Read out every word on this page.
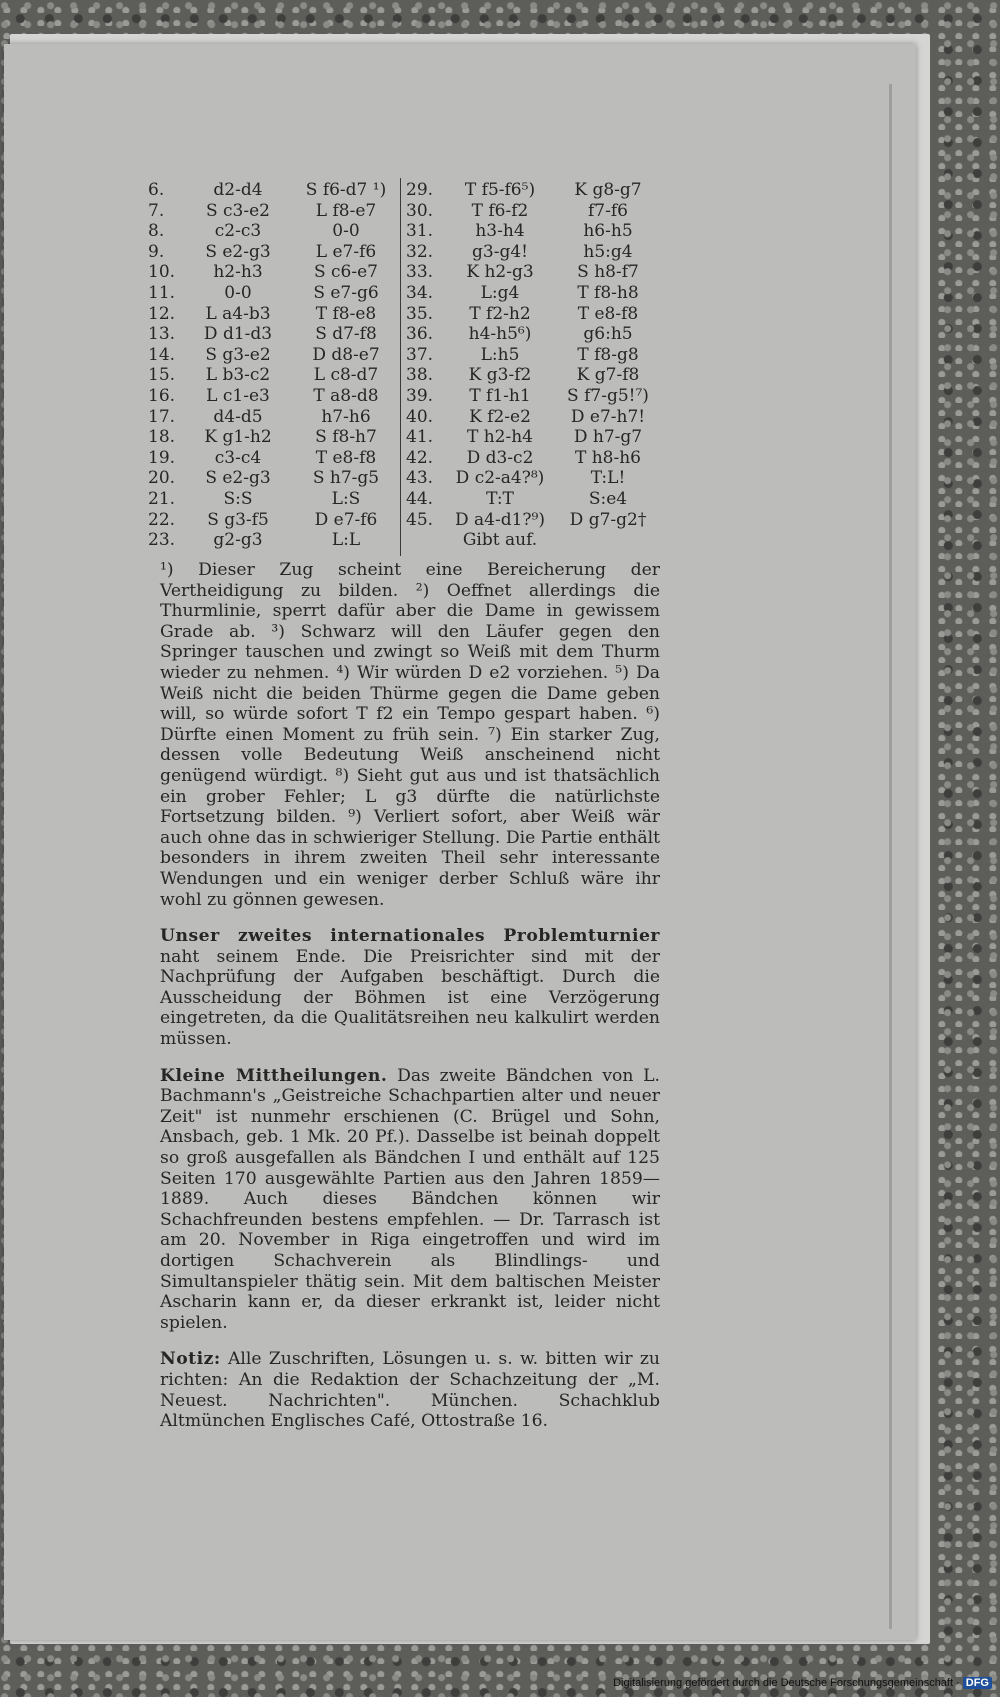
6.	d2-d4	S f6-d7 ¹)
7.	S c3-e2	L f8-e7
8.	c2-c3	0-0
9.	S e2-g3	L e7-f6
10.	h2-h3	S c6-e7
11.	0-0	S e7-g6
12.	L a4-b3	T f8-e8
13.	D d1-d3	S d7-f8
14.	S g3-e2	D d8-e7
15.	L b3-c2	L c8-d7
16.	L c1-e3	T a8-d8
17.	d4-d5	h7-h6
18.	K g1-h2	S f8-h7
19.	c3-c4	T e8-f8
20.	S e2-g3	S h7-g5
21.	S:S	L:S
22.	S g3-f5	D e7-f6
23.	g2-g3	L:L
29.	T f5-f6⁵)	K g8-g7
30.	T f6-f2	f7-f6
31.	h3-h4	h6-h5
32.	g3-g4!	h5:g4
33.	K h2-g3	S h8-f7
34.	L:g4	T f8-h8
35.	T f2-h2	T e8-f8
36.	h4-h5⁶)	g6:h5
37.	L:h5	T f8-g8
38.	K g3-f2	K g7-f8
39.	T f1-h1	S f7-g5!⁷)
40.	K f2-e2	D e7-h7!
41.	T h2-h4	D h7-g7
42.	D d3-c2	T h8-h6
43.	D c2-a4?⁸)	T:L!
44.	T:T	S:e4
45.	D a4-d1?⁹)	D g7-g2†
Gibt auf.

¹) Dieser Zug scheint eine Bereicherung der Vertheidigung zu bilden. ²) Oeffnet allerdings die Thurmlinie, sperrt dafür aber die Dame in gewissem Grade ab. ³) Schwarz will den Läufer gegen den Springer tauschen und zwingt so Weiß mit dem Thurm wieder zu nehmen. ⁴) Wir würden D e2 vorziehen. ⁵) Da Weiß nicht die beiden Thürme gegen die Dame geben will, so würde sofort T f2 ein Tempo gespart haben. ⁶) Dürfte einen Moment zu früh sein. ⁷) Ein starker Zug, dessen volle Bedeutung Weiß anscheinend nicht genügend würdigt. ⁸) Sieht gut aus und ist thatsächlich ein grober Fehler; L g3 dürfte die natürlichste Fortsetzung bilden. ⁹) Verliert sofort, aber Weiß wär auch ohne das in schwieriger Stellung. Die Partie enthält besonders in ihrem zweiten Theil sehr interessante Wendungen und ein weniger derber Schluß wäre ihr wohl zu gönnen gewesen.

Unser zweites internationales Problemturnier naht seinem Ende. Die Preisrichter sind mit der Nachprüfung der Aufgaben beschäftigt. Durch die Ausscheidung der Böhmen ist eine Verzögerung eingetreten, da die Qualitätsreihen neu kalkulirt werden müssen.

Kleine Mittheilungen. Das zweite Bändchen von L. Bachmann's „Geistreiche Schachpartien alter und neuer Zeit" ist nunmehr erschienen (C. Brügel und Sohn, Ansbach, geb. 1 Mk. 20 Pf.). Dasselbe ist beinah doppelt so groß ausgefallen als Bändchen I und enthält auf 125 Seiten 170 ausgewählte Partien aus den Jahren 1859—1889. Auch dieses Bändchen können wir Schachfreunden bestens empfehlen. — Dr. Tarrasch ist am 20. November in Riga eingetroffen und wird im dortigen Schachverein als Blindlings- und Simultanspieler thätig sein. Mit dem baltischen Meister Ascharin kann er, da dieser erkrankt ist, leider nicht spielen.

Notiz: Alle Zuschriften, Lösungen u. s. w. bitten wir zu richten: An die Redaktion der Schachzeitung der „M. Neuest. Nachrichten". München. Schachklub Altmünchen Englisches Café, Ottostraße 16.

Digitalisierung gefördert durch die Deutsche Forschungsgemeinschaft · DFG
